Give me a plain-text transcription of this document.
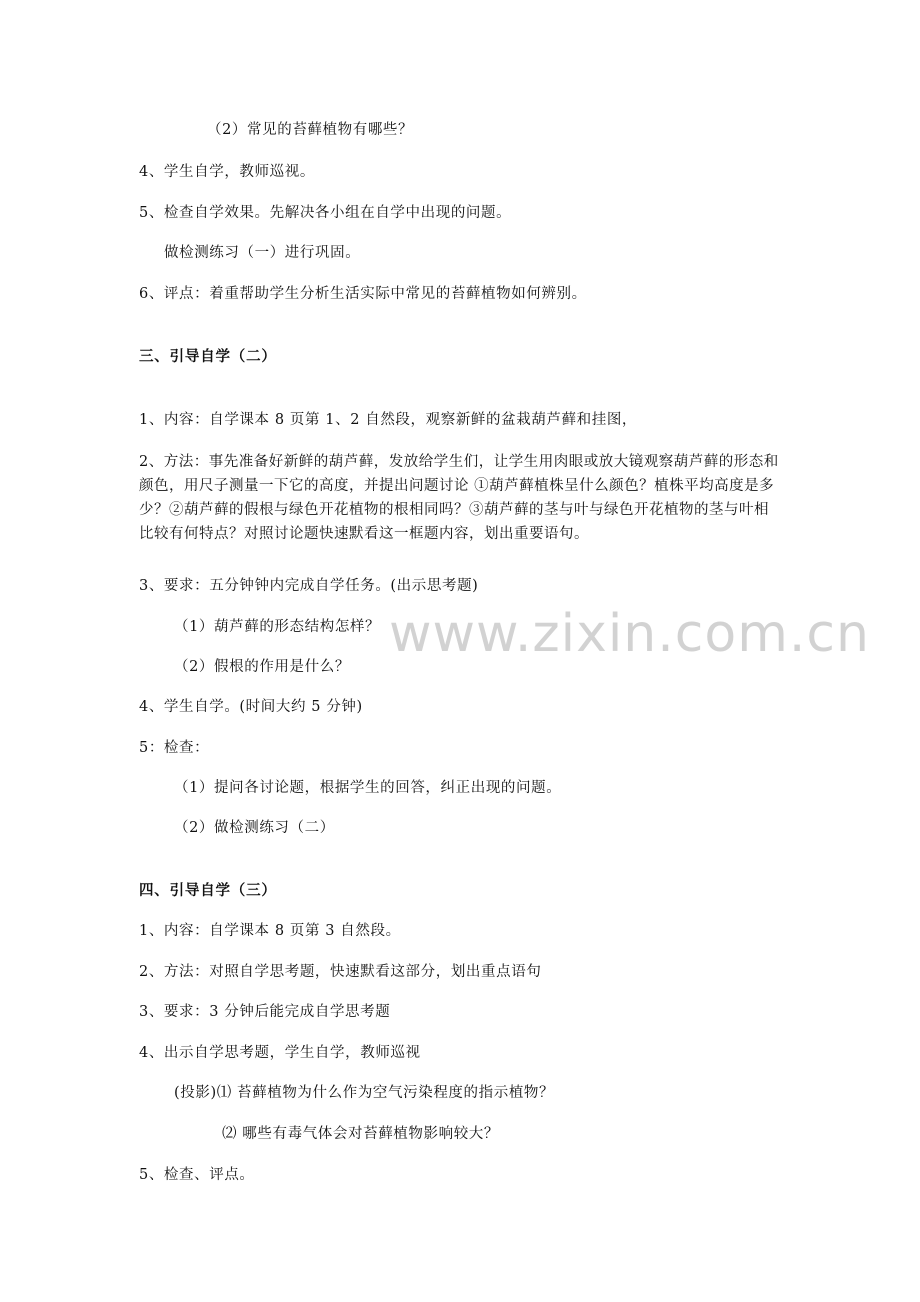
www.zixin.com.cn
（2）常见的苔藓植物有哪些？
4、学生自学，教师巡视。
5、检查自学效果。先解决各小组在自学中出现的问题。
做检测练习（一）进行巩固。
6、评点：着重帮助学生分析生活实际中常见的苔藓植物如何辨别。
三、引导自学（二）
1、内容：自学课本 8 页第 1、2 自然段，观察新鲜的盆栽葫芦藓和挂图，
2、方法：事先准备好新鲜的葫芦藓，发放给学生们，让学生用肉眼或放大镜观察葫芦藓的形态和颜色，用尺子测量一下它的高度，并提出问题讨论 ①葫芦藓植株呈什么颜色？植株平均高度是多少？②葫芦藓的假根与绿色开花植物的根相同吗？③葫芦藓的茎与叶与绿色开花植物的茎与叶相比较有何特点？对照讨论题快速默看这一框题内容，划出重要语句。
3、要求：五分钟钟内完成自学任务。(出示思考题)
（1）葫芦藓的形态结构怎样？
（2）假根的作用是什么？
4、学生自学。(时间大约 5 分钟)
5：检查：
（1）提问各讨论题，根据学生的回答，纠正出现的问题。
（2）做检测练习（二）
四、引导自学（三）
1、内容：自学课本 8 页第 3 自然段。
2、方法：对照自学思考题，快速默看这部分，划出重点语句
3、要求：3 分钟后能完成自学思考题
4、出示自学思考题，学生自学，教师巡视
(投影)⑴ 苔藓植物为什么作为空气污染程度的指示植物？
⑵ 哪些有毒气体会对苔藓植物影响较大？
5、检查、评点。
